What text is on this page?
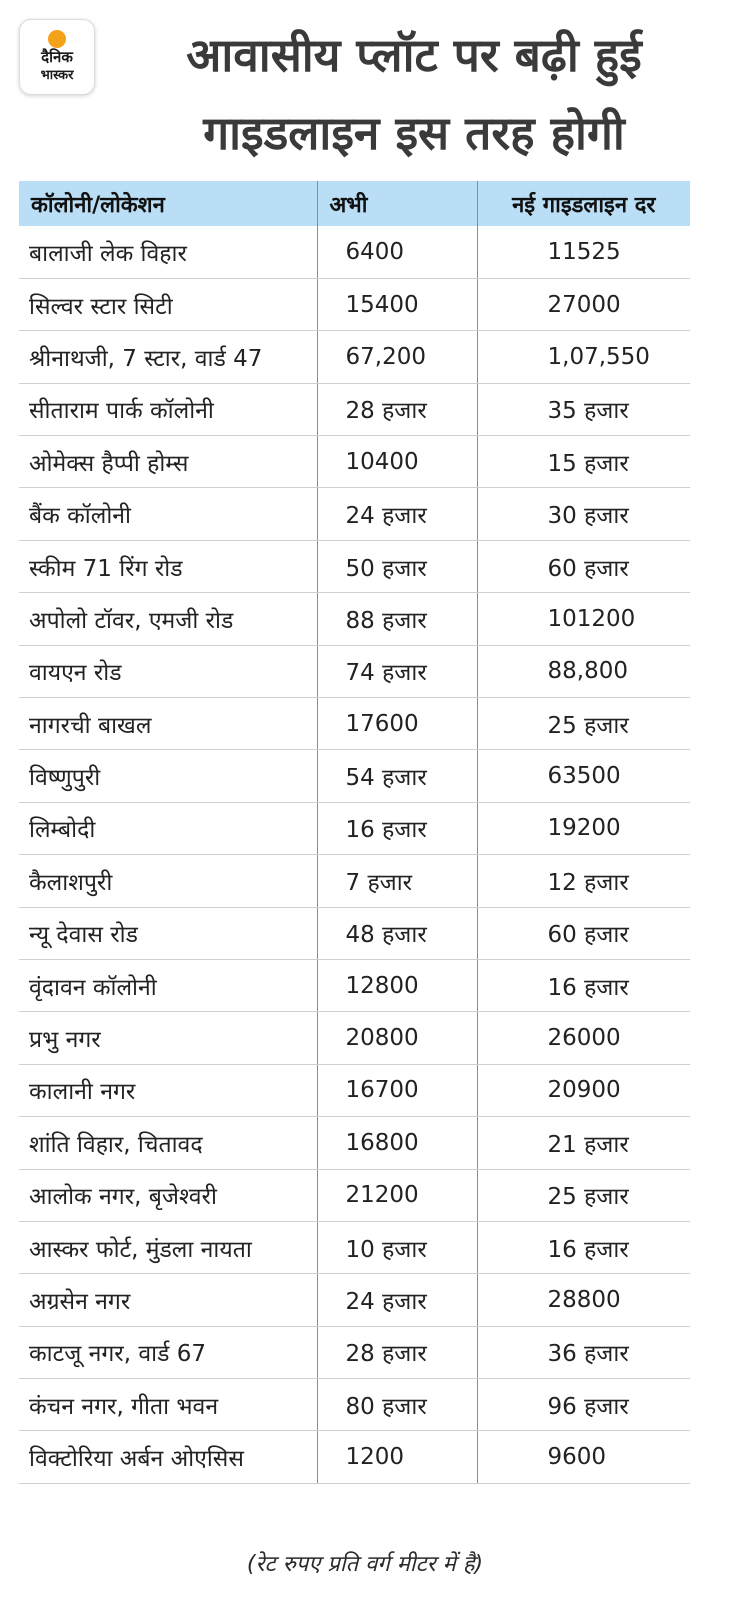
दैनिक
भास्कर	आवासीय प्लॉट पर बढ़ी हुई
गाइडलाइन इस तरह होगी
कॉलोनी/लोकेशन	अभी	नई गाइडलाइन दर
बालाजी लेक विहार	6400	11525
सिल्वर स्टार सिटी	15400	27000
श्रीनाथजी, 7 स्टार, वार्ड 47	67,200	1,07,550
सीताराम पार्क कॉलोनी	28 हजार	35 हजार
ओमेक्स हैप्पी होम्स	10400	15 हजार
बैंक कॉलोनी	24 हजार	30 हजार
स्कीम 71 रिंग रोड	50 हजार	60 हजार
अपोलो टॉवर, एमजी रोड	88 हजार	101200
वायएन रोड	74 हजार	88,800
नागरची बाखल	17600	25 हजार
विष्णुपुरी	54 हजार	63500
लिम्बोदी	16 हजार	19200
कैलाशपुरी	7 हजार	12 हजार
न्यू देवास रोड	48 हजार	60 हजार
वृंदावन कॉलोनी	12800	16 हजार
प्रभु नगर	20800	26000
कालानी नगर	16700	20900
शांति विहार, चितावद	16800	21 हजार
आलोक नगर, बृजेश्वरी	21200	25 हजार
आस्कर फोर्ट, मुंडला नायता	10 हजार	16 हजार
अग्रसेन नगर	24 हजार	28800
काटजू नगर, वार्ड 67	28 हजार	36 हजार
कंचन नगर, गीता भवन	80 हजार	96 हजार
विक्टोरिया अर्बन ओएसिस	1200	9600
(रेट रुपए प्रति वर्ग मीटर में है)
